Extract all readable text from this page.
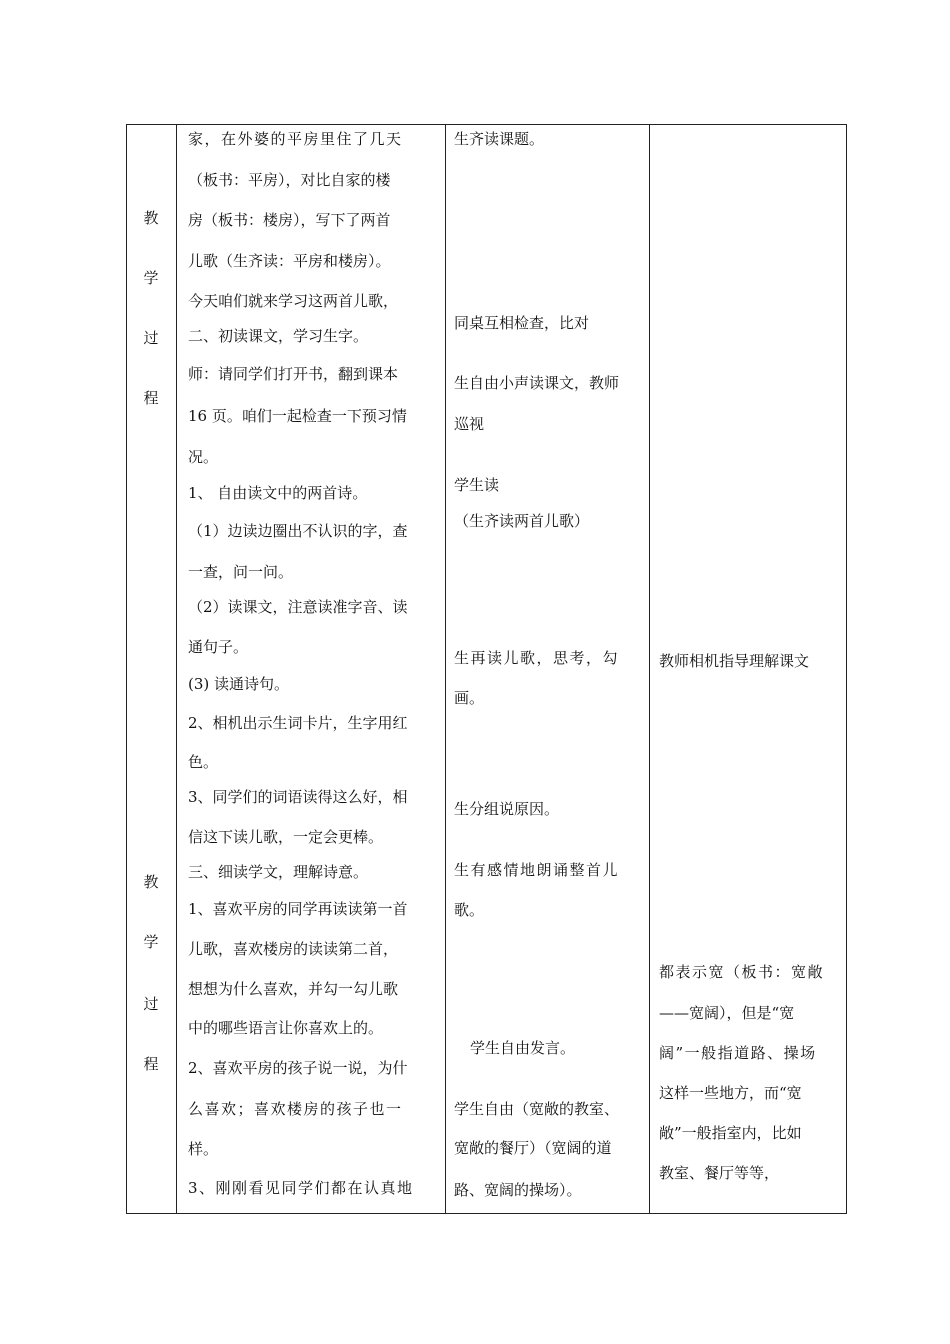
教
学
过
程
教
学
过
程
家，在外婆的平房里住了几天
（板书：平房），对比自家的楼
房（板书：楼房），写下了两首
儿歌（生齐读：平房和楼房）。
今天咱们就来学习这两首儿歌，
二、初读课文，学习生字。
师：请同学们打开书，翻到课本
16 页。咱们一起检查一下预习情
况。
1、 自由读文中的两首诗。
（1）边读边圈出不认识的字，查
一查，问一问。
（2）读课文，注意读准字音、读
通句子。
(3) 读通诗句。
2、相机出示生词卡片，生字用红
色。
3、同学们的词语读得这么好，相
信这下读儿歌，一定会更棒。
三、细读学文，理解诗意。
1、喜欢平房的同学再读读第一首
儿歌，喜欢楼房的读读第二首，
想想为什么喜欢，并勾一勾儿歌
中的哪些语言让你喜欢上的。
2、喜欢平房的孩子说一说，为什
么喜欢；喜欢楼房的孩子也一
样。
3、刚刚看见同学们都在认真地
生齐读课题。
同桌互相检查，比对
生自由小声读课文，教师
巡视
学生读
（生齐读两首儿歌）
生再读儿歌，思考，勾
画。
生分组说原因。
生有感情地朗诵整首儿
歌。
学生自由发言。
学生自由（宽敞的教室、
宽敞的餐厅）（宽阔的道
路、宽阔的操场）。
教师相机指导理解课文
都表示宽（板书：宽敞
——宽阔），但是“宽
阔”一般指道路、操场
这样一些地方，而“宽
敞”一般指室内，比如
教室、餐厅等等，
